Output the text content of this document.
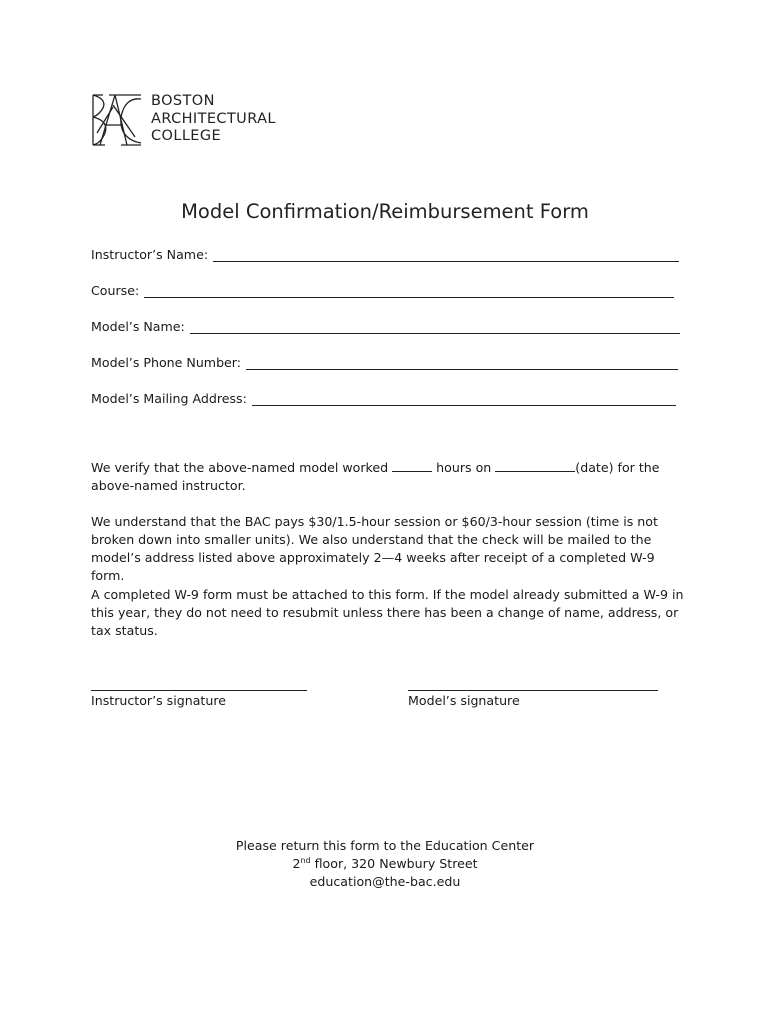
BOSTON
ARCHITECTURAL
COLLEGE
Model Confirmation/Reimbursement Form
Instructor’s Name:
Course:
Model’s Name:
Model’s Phone Number:
Model’s Mailing Address:
We verify that the above-named model worked	hours on	(date) for the
above-named instructor.
We understand that the BAC pays $30/1.5-hour session or $60/3-hour session (time is not broken down into smaller units). We also understand that the check will be mailed to the model’s address listed above approximately 2—4 weeks after receipt of a completed W-9 form.
A completed W-9 form must be attached to this form. If the model already submitted a W-9 in this year, they do not need to resubmit unless there has been a change of name, address, or tax status.
Instructor’s signature	Model’s signature
Please return this form to the Education Center
2nd floor, 320 Newbury Street
education@the-bac.edu
